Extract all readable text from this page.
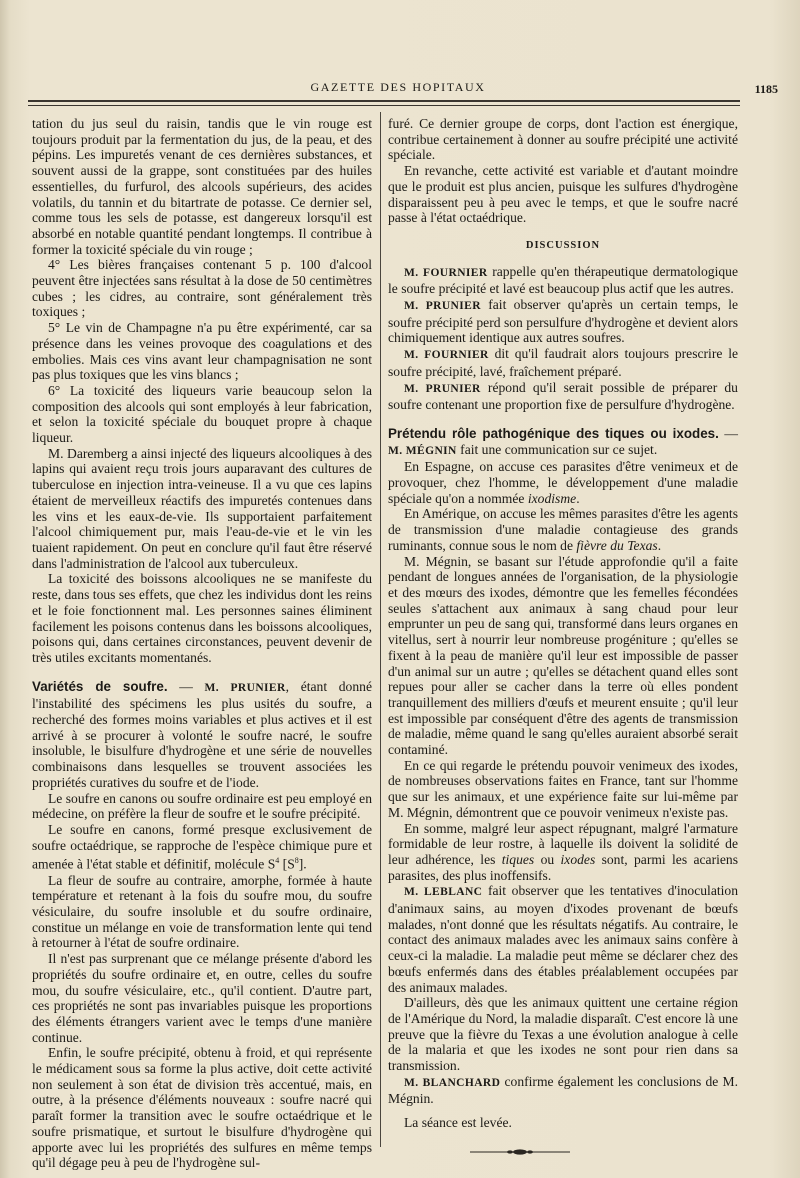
GAZETTE DES HOPITAUX	1185

tation du jus seul du raisin, tandis que le vin rouge est toujours produit par la fermentation du jus, de la peau, et des pépins. Les impuretés venant de ces dernières substances, et souvent aussi de la grappe, sont constituées par des huiles essentielles, du furfurol, des alcools supérieurs, des acides volatils, du tannin et du bitartrate de potasse. Ce dernier sel, comme tous les sels de potasse, est dangereux lorsqu'il est absorbé en notable quantité pendant longtemps. Il contribue à former la toxicité spéciale du vin rouge ;

4° Les bières françaises contenant 5 p. 100 d'alcool peuvent être injectées sans résultat à la dose de 50 centimètres cubes ; les cidres, au contraire, sont généralement très toxiques ;

5° Le vin de Champagne n'a pu être expérimenté, car sa présence dans les veines provoque des coagulations et des embolies. Mais ces vins avant leur champagnisation ne sont pas plus toxiques que les vins blancs ;

6° La toxicité des liqueurs varie beaucoup selon la composition des alcools qui sont employés à leur fabrication, et selon la toxicité spéciale du bouquet propre à chaque liqueur.

M. Daremberg a ainsi injecté des liqueurs alcooliques à des lapins qui avaient reçu trois jours auparavant des cultures de tuberculose en injection intra-veineuse. Il a vu que ces lapins étaient de merveilleux réactifs des impuretés contenues dans les vins et les eaux-de-vie. Ils supportaient parfaitement l'alcool chimiquement pur, mais l'eau-de-vie et le vin les tuaient rapidement. On peut en conclure qu'il faut être réservé dans l'administration de l'alcool aux tuberculeux.

La toxicité des boissons alcooliques ne se manifeste du reste, dans tous ses effets, que chez les individus dont les reins et le foie fonctionnent mal. Les personnes saines éliminent facilement les poisons contenus dans les boissons alcooliques, poisons qui, dans certaines circonstances, peuvent devenir de très utiles excitants momentanés.

Variétés de soufre. — M. PRUNIER, étant donné l'instabilité des spécimens les plus usités du soufre, a recherché des formes moins variables et plus actives et il est arrivé à se procurer à volonté le soufre nacré, le soufre insoluble, le bisulfure d'hydrogène et une série de nouvelles combinaisons dans lesquelles se trouvent associées les propriétés curatives du soufre et de l'iode.

Le soufre en canons ou soufre ordinaire est peu employé en médecine, on préfère la fleur de soufre et le soufre précipité.

Le soufre en canons, formé presque exclusivement de soufre octaédrique, se rapproche de l'espèce chimique pure et amenée à l'état stable et définitif, molécule $S^4$ $[S^8]$.

La fleur de soufre au contraire, amorphe, formée à haute température et retenant à la fois du soufre mou, du soufre vésiculaire, du soufre insoluble et du soufre ordinaire, constitue un mélange en voie de transformation lente qui tend à retourner à l'état de soufre ordinaire.

Il n'est pas surprenant que ce mélange présente d'abord les propriétés du soufre ordinaire et, en outre, celles du soufre mou, du soufre vésiculaire, etc., qu'il contient. D'autre part, ces propriétés ne sont pas invariables puisque les proportions des éléments étrangers varient avec le temps d'une manière continue.

Enfin, le soufre précipité, obtenu à froid, et qui représente le médicament sous sa forme la plus active, doit cette activité non seulement à son état de division très accentué, mais, en outre, à la présence d'éléments nouveaux : soufre nacré qui paraît former la transition avec le soufre octaédrique et le soufre prismatique, et surtout le bisulfure d'hydrogène qui apporte avec lui les propriétés des sulfures en même temps qu'il dégage peu à peu de l'hydrogène sul-

furé. Ce dernier groupe de corps, dont l'action est énergique, contribue certainement à donner au soufre précipité une activité spéciale.

En revanche, cette activité est variable et d'autant moindre que le produit est plus ancien, puisque les sulfures d'hydrogène disparaissent peu à peu avec le temps, et que le soufre nacré passe à l'état octaédrique.

DISCUSSION

M. FOURNIER rappelle qu'en thérapeutique dermatologique le soufre précipité et lavé est beaucoup plus actif que les autres.

M. PRUNIER fait observer qu'après un certain temps, le soufre précipité perd son persulfure d'hydrogène et devient alors chimiquement identique aux autres soufres.

M. FOURNIER dit qu'il faudrait alors toujours prescrire le soufre précipité, lavé, fraîchement préparé.

M. PRUNIER répond qu'il serait possible de préparer du soufre contenant une proportion fixe de persulfure d'hydrogène.

Prétendu rôle pathogénique des tiques ou ixodes. — M. MÉGNIN fait une communication sur ce sujet.

En Espagne, on accuse ces parasites d'être venimeux et de provoquer, chez l'homme, le développement d'une maladie spéciale qu'on a nommée ixodisme.

En Amérique, on accuse les mêmes parasites d'être les agents de transmission d'une maladie contagieuse des grands ruminants, connue sous le nom de fièvre du Texas.

M. Mégnin, se basant sur l'étude approfondie qu'il a faite pendant de longues années de l'organisation, de la physiologie et des mœurs des ixodes, démontre que les femelles fécondées seules s'attachent aux animaux à sang chaud pour leur emprunter un peu de sang qui, transformé dans leurs organes en vitellus, sert à nourrir leur nombreuse progéniture ; qu'elles se fixent à la peau de manière qu'il leur est impossible de passer d'un animal sur un autre ; qu'elles se détachent quand elles sont repues pour aller se cacher dans la terre où elles pondent tranquillement des milliers d'œufs et meurent ensuite ; qu'il leur est impossible par conséquent d'être des agents de transmission de maladie, même quand le sang qu'elles auraient absorbé serait contaminé.

En ce qui regarde le prétendu pouvoir venimeux des ixodes, de nombreuses observations faites en France, tant sur l'homme que sur les animaux, et une expérience faite sur lui-même par M. Mégnin, démontrent que ce pouvoir venimeux n'existe pas.

En somme, malgré leur aspect répugnant, malgré l'armature formidable de leur rostre, à laquelle ils doivent la solidité de leur adhérence, les tiques ou ixodes sont, parmi les acariens parasites, des plus inoffensifs.

M. LEBLANC fait observer que les tentatives d'inoculation d'animaux sains, au moyen d'ixodes provenant de bœufs malades, n'ont donné que les résultats négatifs. Au contraire, le contact des animaux malades avec les animaux sains confère à ceux-ci la maladie. La maladie peut même se déclarer chez des bœufs enfermés dans des étables préalablement occupées par des animaux malades.

D'ailleurs, dès que les animaux quittent une certaine région de l'Amérique du Nord, la maladie disparaît. C'est encore là une preuve que la fièvre du Texas a une évolution analogue à celle de la malaria et que les ixodes ne sont pour rien dans sa transmission.

M. BLANCHARD confirme également les conclusions de M. Mégnin.

La séance est levée.
